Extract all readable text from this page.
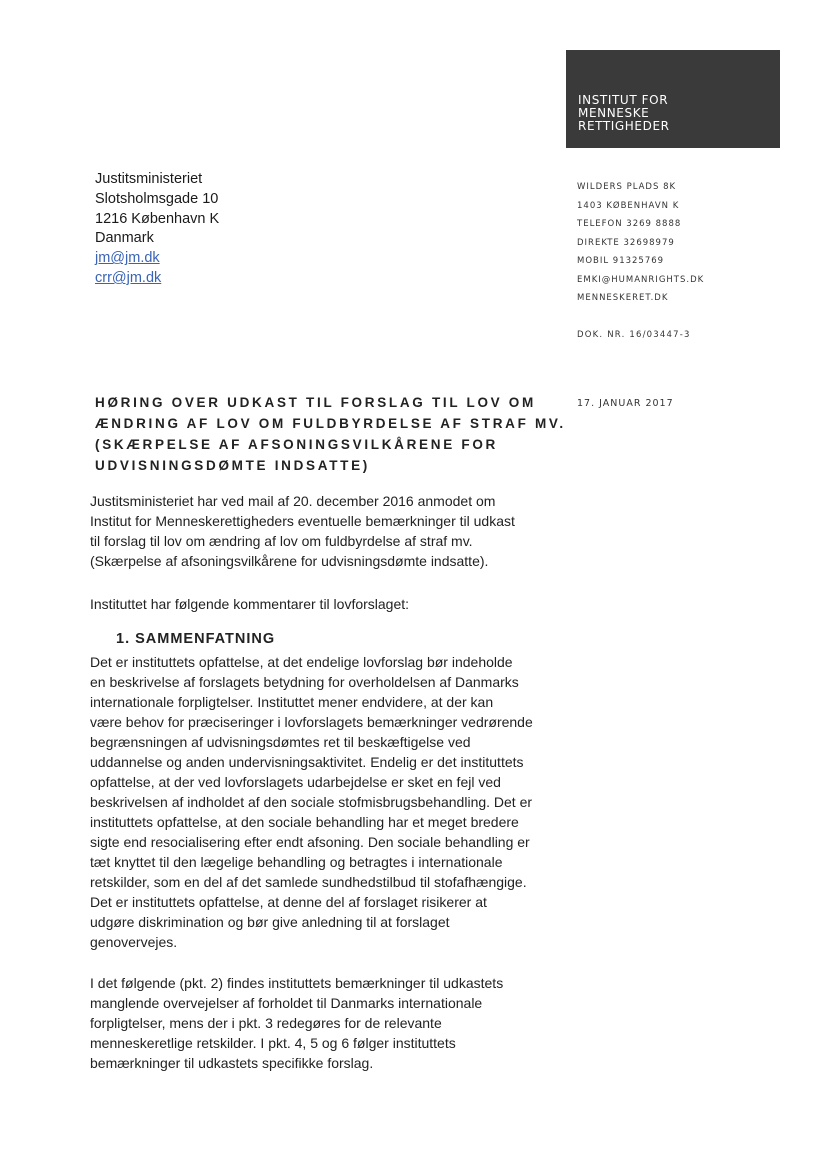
INSTITUT FOR
MENNESKE
RETTIGHEDER
Justitsministeriet
Slotsholmsgade 10
1216 København K
Danmark
jm@jm.dk
crr@jm.dk
WILDERS PLADS 8K
1403 KØBENHAVN K
TELEFON 3269 8888
DIREKTE 32698979
MOBIL 91325769
EMKI@HUMANRIGHTS.DK
MENNESKERET.DK
DOK. NR. 16/03447-3
17. JANUAR 2017
HØRING OVER UDKAST TIL FORSLAG TIL LOV OM
ÆNDRING AF LOV OM FULDBYRDELSE AF STRAF MV.
(SKÆRPELSE AF AFSONINGSVILKÅRENE FOR
UDVISNINGSDØMTE INDSATTE)
Justitsministeriet har ved mail af 20. december 2016 anmodet om
Institut for Menneskerettigheders eventuelle bemærkninger til udkast
til forslag til lov om ændring af lov om fuldbyrdelse af straf mv.
(Skærpelse af afsoningsvilkårene for udvisningsdømte indsatte).
Instituttet har følgende kommentarer til lovforslaget:
1. SAMMENFATNING
Det er instituttets opfattelse, at det endelige lovforslag bør indeholde
en beskrivelse af forslagets betydning for overholdelsen af Danmarks
internationale forpligtelser. Instituttet mener endvidere, at der kan
være behov for præciseringer i lovforslagets bemærkninger vedrørende
begrænsningen af udvisningsdømtes ret til beskæftigelse ved
uddannelse og anden undervisningsaktivitet. Endelig er det instituttets
opfattelse, at der ved lovforslagets udarbejdelse er sket en fejl ved
beskrivelsen af indholdet af den sociale stofmisbrugsbehandling. Det er
instituttets opfattelse, at den sociale behandling har et meget bredere
sigte end resocialisering efter endt afsoning. Den sociale behandling er
tæt knyttet til den lægelige behandling og betragtes i internationale
retskilder, som en del af det samlede sundhedstilbud til stofafhængige.
Det er instituttets opfattelse, at denne del af forslaget risikerer at
udgøre diskrimination og bør give anledning til at forslaget
genovervejes.
I det følgende (pkt. 2) findes instituttets bemærkninger til udkastets
manglende overvejelser af forholdet til Danmarks internationale
forpligtelser, mens der i pkt. 3 redegøres for de relevante
menneskeretlige retskilder. I pkt. 4, 5 og 6 følger instituttets
bemærkninger til udkastets specifikke forslag.
